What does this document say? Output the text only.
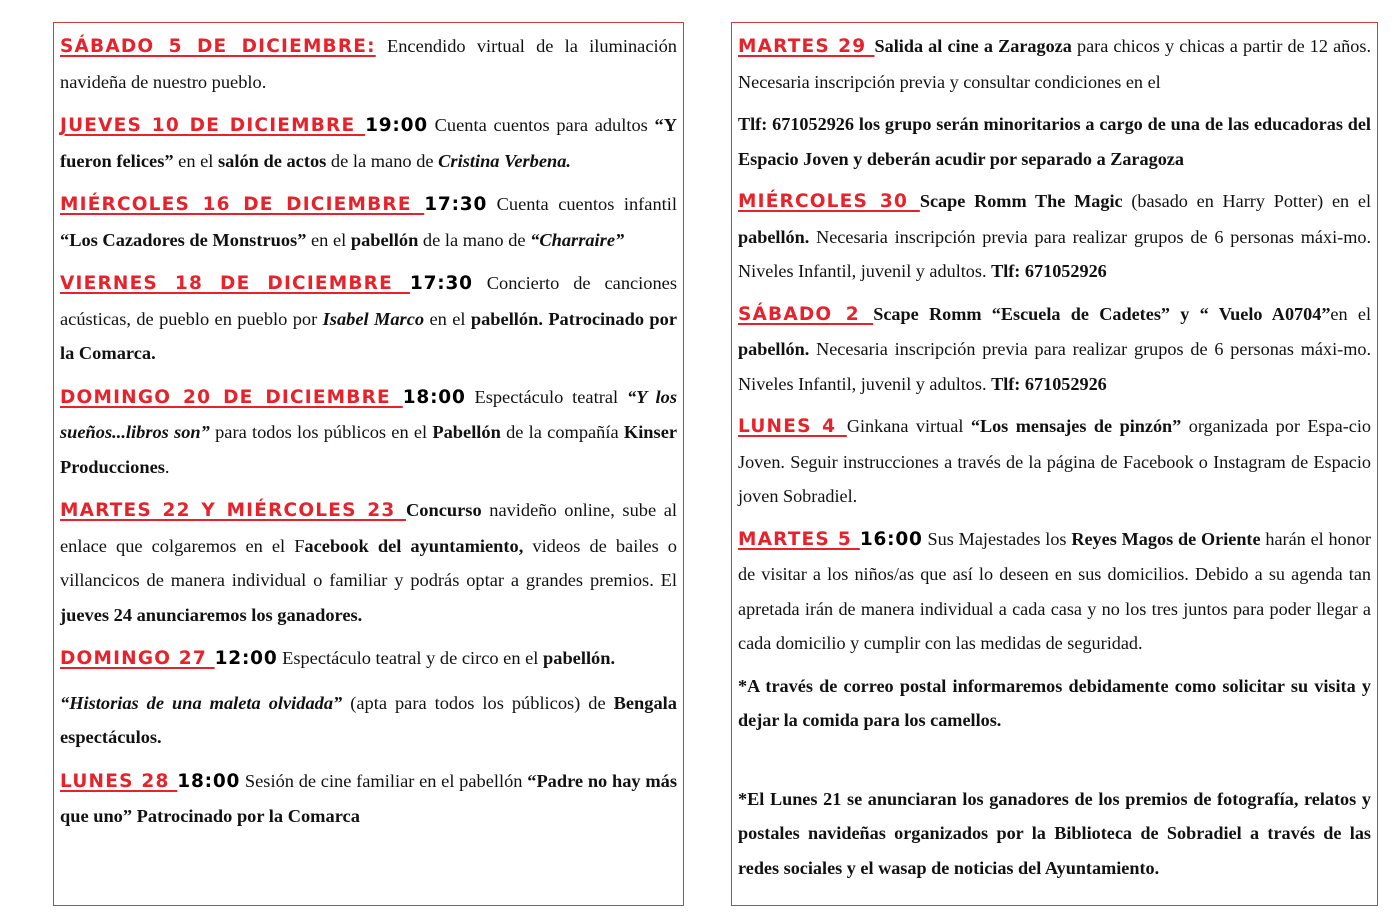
SÁBADO 5 DE DICIEMBRE: Encendido virtual de la iluminación navideña de nuestro pueblo.

JUEVES 10 DE DICIEMBRE 19:00 Cuenta cuentos para adultos “Y fueron felices” en el salón de actos de la mano de Cristina Verbena.

MIÉRCOLES 16 DE DICIEMBRE 17:30 Cuenta cuentos infantil “Los Cazadores de Monstruos” en el pabellón de la mano de “Charraire”

VIERNES 18 DE DICIEMBRE 17:30 Concierto de canciones acústicas, de pueblo en pueblo por Isabel Marco en el pabellón. Patrocinado por la Comarca.

DOMINGO 20 DE DICIEMBRE 18:00 Espectáculo teatral “Y los sueños...libros son” para todos los públicos en el Pabellón de la compañía Kinser Producciones.

MARTES 22 Y MIÉRCOLES 23 Concurso navideño online, sube al enlace que colgaremos en el Facebook del ayuntamiento, videos de bailes o villancicos de manera individual o familiar y podrás optar a grandes premios. El jueves 24 anunciaremos los ganadores.

DOMINGO 27 12:00 Espectáculo teatral y de circo en el pabellón.

“Historias de una maleta olvidada” (apta para todos los públicos) de Bengala espectáculos.

LUNES 28 18:00 Sesión de cine familiar en el pabellón “Padre no hay más que uno” Patrocinado por la Comarca

MARTES 29 Salida al cine a Zaragoza para chicos y chicas a partir de 12 años. Necesaria inscripción previa y consultar condiciones en el

Tlf: 671052926 los grupo serán minoritarios a cargo de una de las educadoras del Espacio Joven y deberán acudir por separado a Zaragoza

MIÉRCOLES 30 Scape Romm The Magic (basado en Harry Potter) en el pabellón. Necesaria inscripción previa para realizar grupos de 6 personas máxi-mo. Niveles Infantil, juvenil y adultos. Tlf: 671052926

SÁBADO 2 Scape Romm “Escuela de Cadetes” y “ Vuelo A0704”en el pabellón. Necesaria inscripción previa para realizar grupos de 6 personas máxi-mo. Niveles Infantil, juvenil y adultos. Tlf: 671052926

LUNES 4 Ginkana virtual “Los mensajes de pinzón” organizada por Espa-cio Joven. Seguir instrucciones a través de la página de Facebook o Instagram de Espacio joven Sobradiel.

MARTES 5 16:00 Sus Majestades los Reyes Magos de Oriente harán el honor de visitar a los niños/as que así lo deseen en sus domicilios. Debido a su agenda tan apretada irán de manera individual a cada casa y no los tres juntos para poder llegar a cada domicilio y cumplir con las medidas de seguridad.

*A través de correo postal informaremos debidamente como solicitar su visita y dejar la comida para los camellos.

*El Lunes 21 se anunciaran los ganadores de los premios de fotografía, relatos y postales navideñas organizados por la Biblioteca de Sobradiel a través de las redes sociales y el wasap de noticias del Ayuntamiento.
